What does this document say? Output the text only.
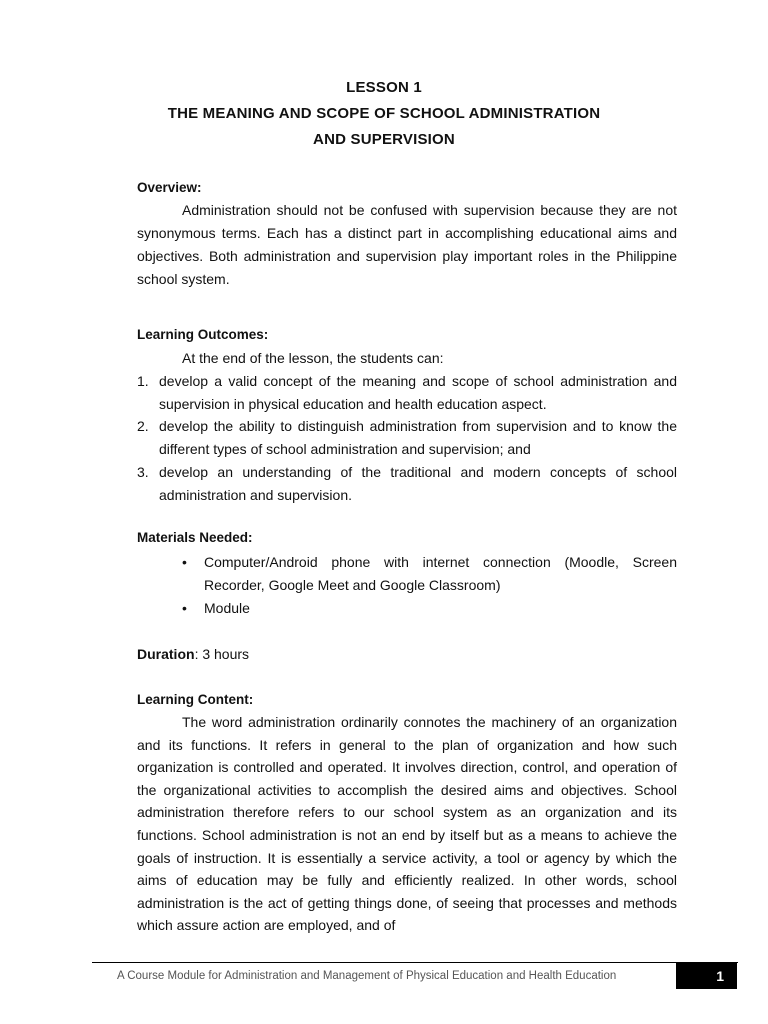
LESSON 1
THE MEANING AND SCOPE OF SCHOOL ADMINISTRATION
AND SUPERVISION
Overview:
Administration should not be confused with supervision because they are not synonymous terms. Each has a distinct part in accomplishing educational aims and objectives. Both administration and supervision play important roles in the Philippine school system.
Learning Outcomes:
At the end of the lesson, the students can:
1. develop a valid concept of the meaning and scope of school administration and supervision in physical education and health education aspect.
2. develop the ability to distinguish administration from supervision and to know the different types of school administration and supervision; and
3. develop an understanding of the traditional and modern concepts of school administration and supervision.
Materials Needed:
• Computer/Android phone with internet connection (Moodle, Screen Recorder, Google Meet and Google Classroom)
• Module
Duration: 3 hours
Learning Content:
The word administration ordinarily connotes the machinery of an organization and its functions. It refers in general to the plan of organization and how such organization is controlled and operated. It involves direction, control, and operation of the organizational activities to accomplish the desired aims and objectives. School administration therefore refers to our school system as an organization and its functions. School administration is not an end by itself but as a means to achieve the goals of instruction. It is essentially a service activity, a tool or agency by which the aims of education may be fully and efficiently realized. In other words, school administration is the act of getting things done, of seeing that processes and methods which assure action are employed, and of
A Course Module for Administration and Management of Physical Education and Health Education	1
